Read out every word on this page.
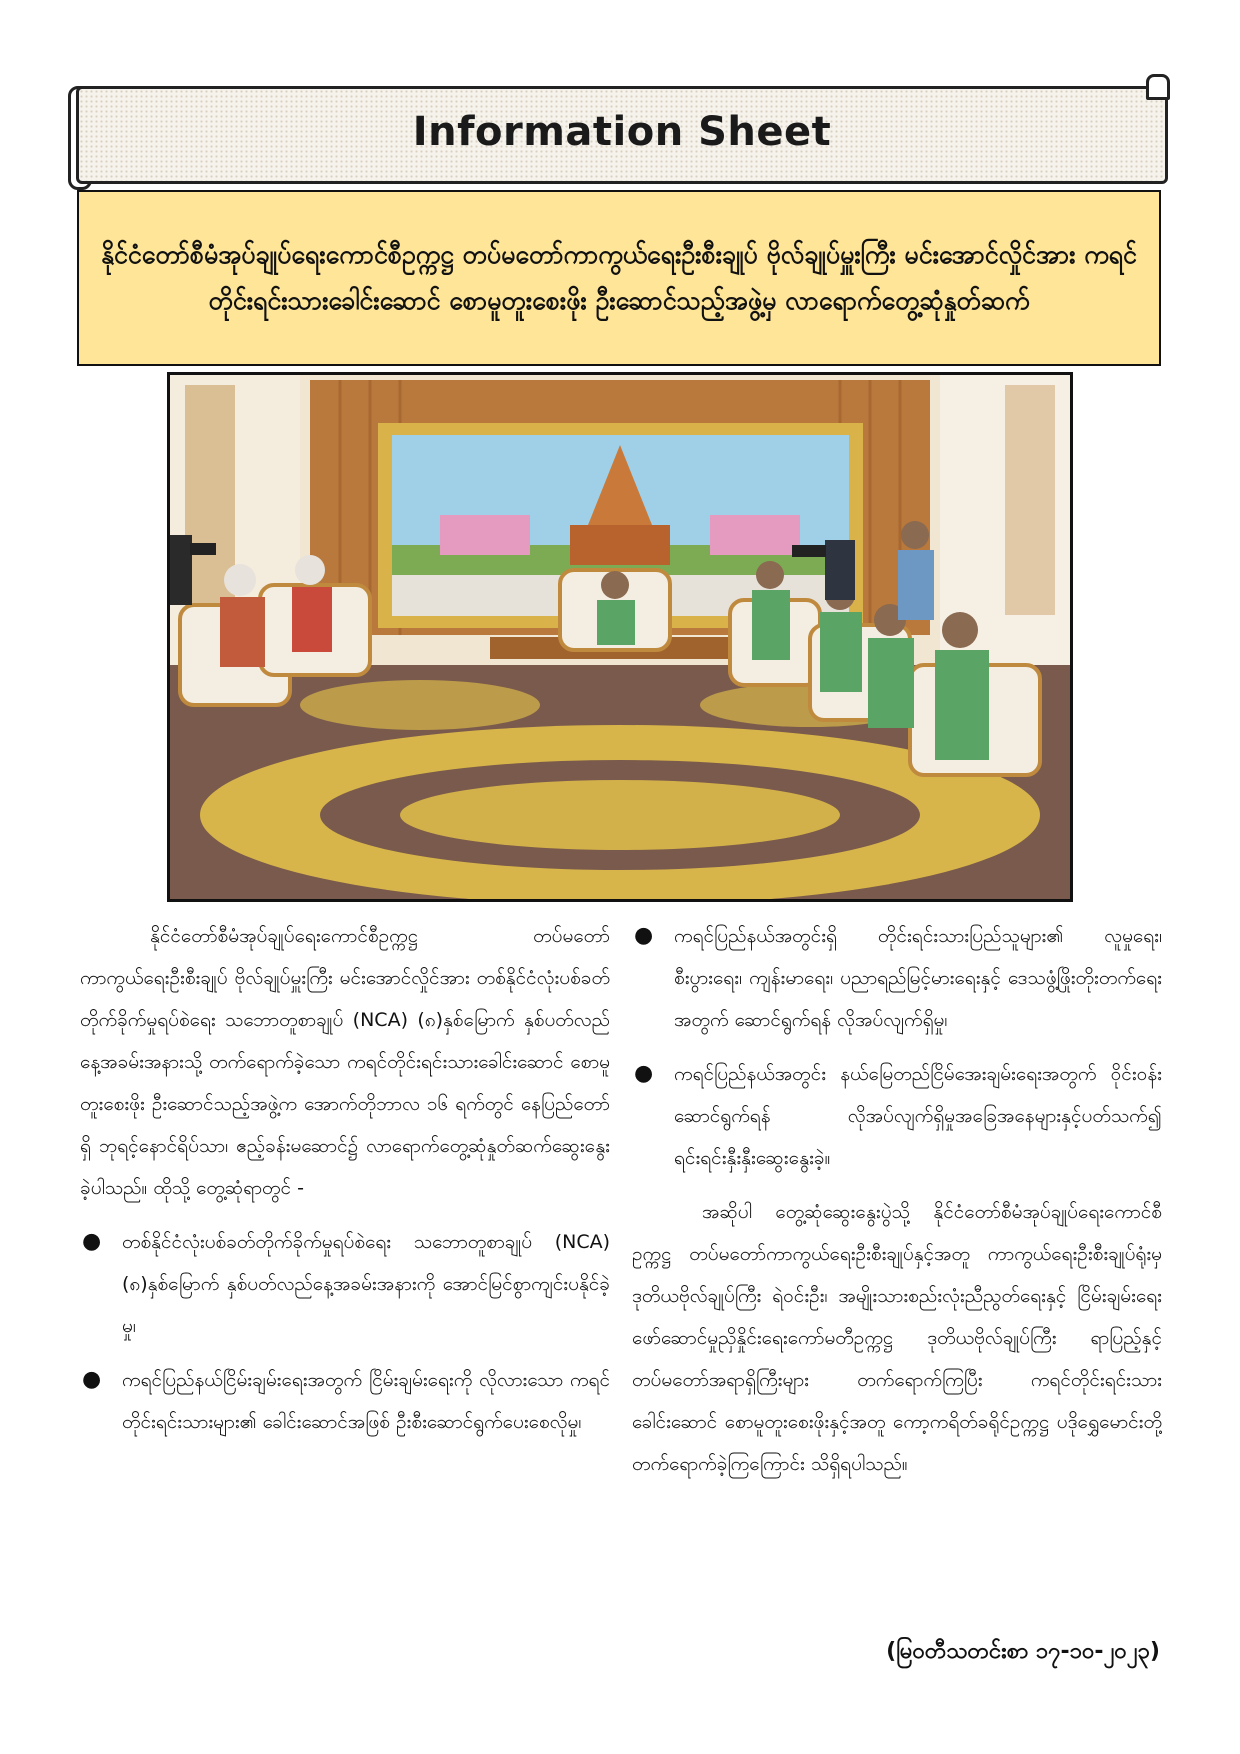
Information Sheet
နိုင်ငံတော်စီမံအုပ်ချုပ်ရေးကောင်စီဥက္ကဋ္ဌ တပ်မတော်ကာကွယ်ရေးဦးစီးချုပ် ဗိုလ်ချုပ်မှူးကြီး မင်းအောင်လှိုင်အား ကရင်တိုင်းရင်းသားခေါင်းဆောင် စောမူတူးစေးဖိုး ဦးဆောင်သည့်အဖွဲ့မှ လာရောက်တွေ့ဆုံနှုတ်ဆက်

နိုင်ငံတော်စီမံအုပ်ချုပ်ရေးကောင်စီဥက္ကဋ္ဌ တပ်မတော်ကာကွယ်ရေးဦးစီးချုပ် ဗိုလ်ချုပ်မှူးကြီး မင်းအောင်လှိုင်အား တစ်နိုင်ငံလုံးပစ်ခတ်တိုက်ခိုက်မှုရပ်စဲရေး သဘောတူစာချုပ် (NCA) (၈)နှစ်မြောက် နှစ်ပတ်လည်နေ့အခမ်းအနားသို့ တက်ရောက်ခဲ့သော ကရင်တိုင်းရင်းသားခေါင်းဆောင် စောမူတူးစေးဖိုး ဦးဆောင်သည့်အဖွဲ့က အောက်တိုဘာလ ၁၆ ရက်တွင် နေပြည်တော်ရှိ ဘုရင့်နောင်ရိပ်သာ၊ ဧည့်ခန်းမဆောင်၌ လာရောက်တွေ့ဆုံနှုတ်ဆက်ဆွေးနွေးခဲ့ပါသည်။ ထိုသို့ တွေ့ဆုံရာတွင် -

● တစ်နိုင်ငံလုံးပစ်ခတ်တိုက်ခိုက်မှုရပ်စဲရေး သဘောတူစာချုပ် (NCA) (၈)နှစ်မြောက် နှစ်ပတ်လည်နေ့အခမ်းအနားကို အောင်မြင်စွာကျင်းပနိုင်ခဲ့မှု၊
● ကရင်ပြည်နယ်ငြိမ်းချမ်းရေးအတွက် ငြိမ်းချမ်းရေးကို လိုလားသော ကရင်တိုင်းရင်းသားများ၏ ခေါင်းဆောင်အဖြစ် ဦးစီးဆောင်ရွက်ပေးစေလိုမှု၊
● ကရင်ပြည်နယ်အတွင်းရှိ တိုင်းရင်းသားပြည်သူများ၏ လူမှုရေး၊ စီးပွားရေး၊ ကျန်းမာရေး၊ ပညာရည်မြင့်မားရေးနှင့် ဒေသဖွံ့ဖြိုးတိုးတက်ရေးအတွက် ဆောင်ရွက်ရန် လိုအပ်လျက်ရှိမှု၊
● ကရင်ပြည်နယ်အတွင်း နယ်မြေတည်ငြိမ်အေးချမ်းရေးအတွက် ဝိုင်းဝန်းဆောင်ရွက်ရန် လိုအပ်လျက်ရှိမှုအခြေအနေများနှင့်ပတ်သက်၍ ရင်းရင်းနှီးနှီးဆွေးနွေးခဲ့။

အဆိုပါ တွေ့ဆုံဆွေးနွေးပွဲသို့ နိုင်ငံတော်စီမံအုပ်ချုပ်ရေးကောင်စီဥက္ကဋ္ဌ တပ်မတော်ကာကွယ်ရေးဦးစီးချုပ်နှင့်အတူ ကာကွယ်ရေးဦးစီးချုပ်ရုံးမှ ဒုတိယဗိုလ်ချုပ်ကြီး ရဲဝင်းဦး၊ အမျိုးသားစည်းလုံးညီညွတ်ရေးနှင့် ငြိမ်းချမ်းရေးဖော်ဆောင်မှုညှိနှိုင်းရေးကော်မတီဥက္ကဋ္ဌ ဒုတိယဗိုလ်ချုပ်ကြီး ရာပြည့်နှင့် တပ်မတော်အရာရှိကြီးများ တက်ရောက်ကြပြီး ကရင်တိုင်းရင်းသားခေါင်းဆောင် စောမူတူးစေးဖိုးနှင့်အတူ ကော့ကရိတ်ခရိုင်ဥက္ကဋ္ဌ ပဒိုရွှေမောင်းတို့ တက်ရောက်ခဲ့ကြကြောင်း သိရှိရပါသည်။

(မြဝတီသတင်းစာ ၁၇-၁၀-၂၀၂၃)
